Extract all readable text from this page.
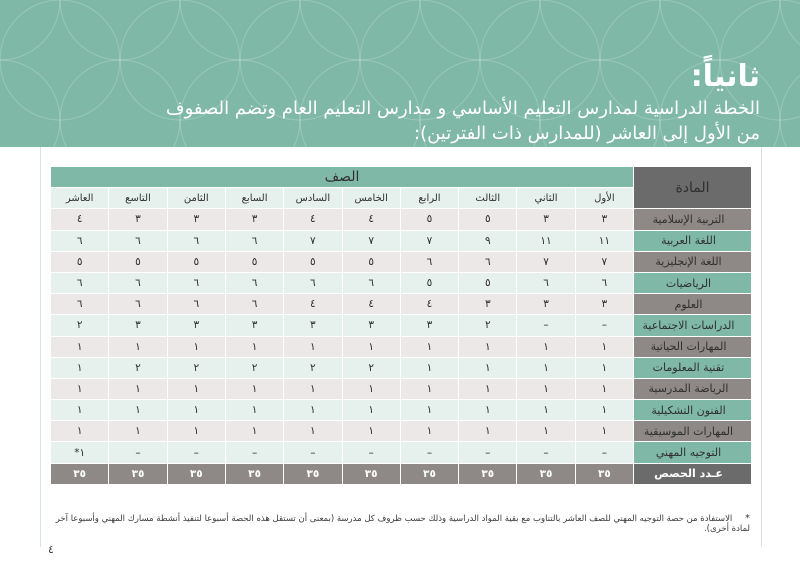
ثانياً:
الخطة الدراسية لمدارس التعليم الأساسي و مدارس التعليم العام وتضم الصفوف
من الأول إلى العاشر (للمدارس ذات الفترتين):
المادة	الصف									
	الأول	الثاني	الثالث	الرابع	الخامس	السادس	السابع	الثامن	التاسع	العاشر
التربية الإسلامية	٣	٣	٥	٥	٤	٤	٣	٣	٣	٤
اللغة العربية	١١	١١	٩	٧	٧	٧	٦	٦	٦	٦
اللغة الإنجليزية	٧	٧	٦	٦	٥	٥	٥	٥	٥	٥
الرياضيات	٦	٦	٥	٥	٦	٦	٦	٦	٦	٦
العلوم	٣	٣	٣	٤	٤	٤	٦	٦	٦	٦
الدراسات الاجتماعية	–	–	٢	٣	٣	٣	٣	٣	٣	٢
المهارات الحياتية	١	١	١	١	١	١	١	١	١	١
تقنية المعلومات	١	١	١	١	٢	٢	٢	٢	٢	١
الرياضة المدرسية	١	١	١	١	١	١	١	١	١	١
الفنون التشكيلية	١	١	١	١	١	١	١	١	١	١
المهارات الموسيقية	١	١	١	١	١	١	١	١	١	١
التوجيه المهني	–	–	–	–	–	–	–	–	–	١*
عـدد الحصص	٣٥	٣٥	٣٥	٣٥	٣٥	٣٥	٣٥	٣٥	٣٥	٣٥
* الاستفادة من حصة التوجيه المهني للصف العاشر بالتناوب مع بقية المواد الدراسية وذلك حسب ظروف كل مدرسة (بمعنى أن تستقل هذه الحصة أسبوعا لتنفيذ أنشطة مسارك المهني وأسبوعا آخر لمادة أخرى).
٤
